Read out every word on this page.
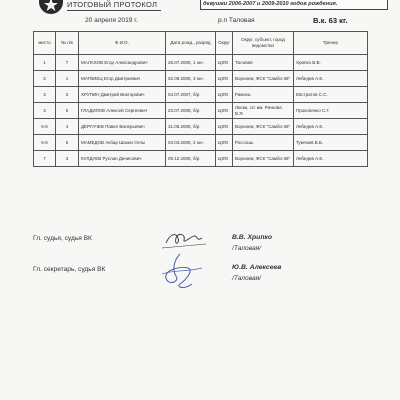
ИТОГОВЫЙ ПРОТОКОЛ	девушки 2006-2007 и 2009-2010 годов рождения.
20 апреля 2019 г.	р.п Таловая	В.к. 63 кг.
место	№ п/к	Ф.И.О.	Дата рожд., разряд	Округ	Округ, субъект, город ведомство	Тренер
1	7	МАЛАХОВ Егор Александрович	26.07.2006, 1 юн.	ЦФО	Таловая	Хрипко В.В.
2	1	МАТВИЕЦ Егор Дмитриевич	02.09.2006, 3 юн.	ЦФО	Воронеж, ФСК "Самбо-36"	Лебедев А.Е.
3	2	ХРУПИН Дмитрий Викторович	04.07.2007, б/р	ЦФО	Рамонь	Евстратов С.С.
3	5	ГЛАДИЛОВ Алексей Сергеевич	23.07.2009, б/р	ЦФО	Лиски, с/с им. Рачкова В.Я.	Прокопенко С.Г.
5-6	4	ДЕРГАЧЕВ Павел Валерьевич	31.05.2006, б/р	ЦФО	Воронеж, ФСК "Самбо-36"	Лебедев А.Е.
5-6	6	МАМЕДОВ Акбар Шахин Оглы	03.03.2006, 2 юн.	ЦФО	Россошь	Тумчаев Б.Б.
7	3	КУЛДУЕВ Руслан Денисович	09.12.2006, б/р	ЦФО	Воронеж, ФСК "Самбо-36"	Лебедев А.Е.
Гл. судья, судья ВК	В.В. Хрипко
/Таловая/
Гл. секретарь, судья ВК	Ю.В. Алексеев
/Таловая/
